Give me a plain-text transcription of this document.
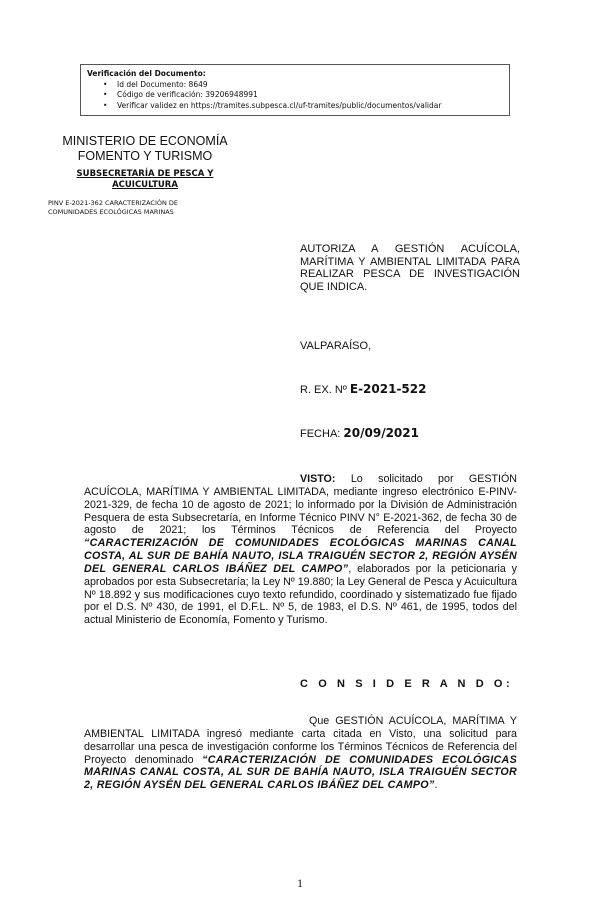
Verificación del Documento:
• Id del Documento: 8649
• Código de verificación: 39206948991
• Verificar validez en https://tramites.subpesca.cl/uf-tramites/public/documentos/validar
MINISTERIO DE ECONOMÍA
FOMENTO Y TURISMO
SUBSECRETARÍA DE PESCA Y
ACUICULTURA
PINV E-2021-362 CARACTERIZACIÓN DE
COMUNIDADES ECOLÓGICAS MARINAS
AUTORIZA A GESTIÓN ACUÍCOLA, MARÍTIMA Y AMBIENTAL LIMITADA PARA REALIZAR PESCA DE INVESTIGACIÓN QUE INDICA.
VALPARAÍSO,
R. EX. Nº E-2021-522
FECHA: 20/09/2021

VISTO: Lo solicitado por GESTIÓN ACUÍCOLA, MARÍTIMA Y AMBIENTAL LIMITADA, mediante ingreso electrónico E-PINV-2021-329, de fecha 10 de agosto de 2021; lo informado por la División de Administración Pesquera de esta Subsecretaría, en Informe Técnico PINV N° E-2021-362, de fecha 30 de agosto de 2021; los Términos Técnicos de Referencia del Proyecto “CARACTERIZACIÓN DE COMUNIDADES ECOLÓGICAS MARINAS CANAL COSTA, AL SUR DE BAHÍA NAUTO, ISLA TRAIGUÉN SECTOR 2, REGIÓN AYSÉN DEL GENERAL CARLOS IBÁÑEZ DEL CAMPO”, elaborados por la peticionaria y aprobados por esta Subsecretaría; la Ley Nº 19.880; la Ley General de Pesca y Acuicultura Nº 18.892 y sus modificaciones cuyo texto refundido, coordinado y sistematizado fue fijado por el D.S. Nº 430, de 1991, el D.F.L. Nº 5, de 1983, el D.S. Nº 461, de 1995, todos del actual Ministerio de Economía, Fomento y Turismo.

C O N S I D E R A N D O:

Que GESTIÓN ACUÍCOLA, MARÍTIMA Y AMBIENTAL LIMITADA ingresó mediante carta citada en Visto, una solicitud para desarrollar una pesca de investigación conforme los Términos Técnicos de Referencia del Proyecto denominado “CARACTERIZACIÓN DE COMUNIDADES ECOLÓGICAS MARINAS CANAL COSTA, AL SUR DE BAHÍA NAUTO, ISLA TRAIGUÉN SECTOR 2, REGIÓN AYSÉN DEL GENERAL CARLOS IBÁÑEZ DEL CAMPO”.

1
